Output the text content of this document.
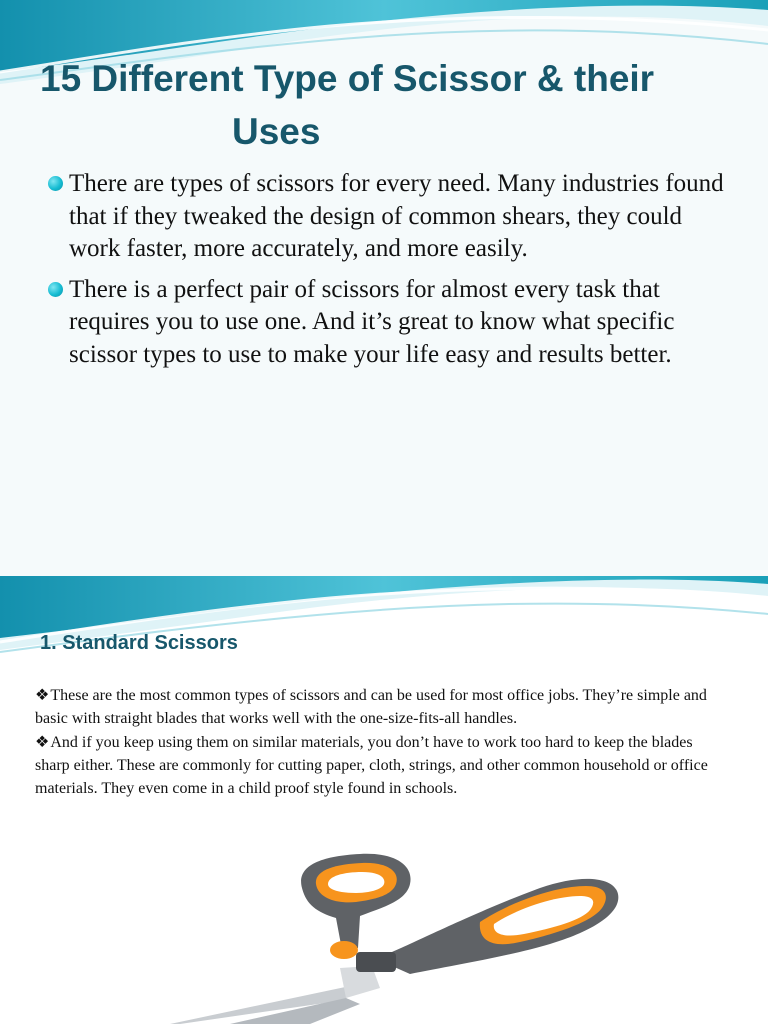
15 Different Type of Scissor & their
Uses
There are types of scissors for every need. Many industries found that if they tweaked the design of common shears, they could work faster, more accurately, and more easily.
There is a perfect pair of scissors for almost every task that requires you to use one. And it’s great to know what specific scissor types to use to make your life easy and results better.
1. Standard Scissors

❖These are the most common types of scissors and can be used for most office jobs. They’re simple and basic with straight blades that works well with the one-size-fits-all handles.

❖And if you keep using them on similar materials, you don’t have to work too hard to keep the blades sharp either. These are commonly for cutting paper, cloth, strings, and other common household or office materials. They even come in a child proof style found in schools.
